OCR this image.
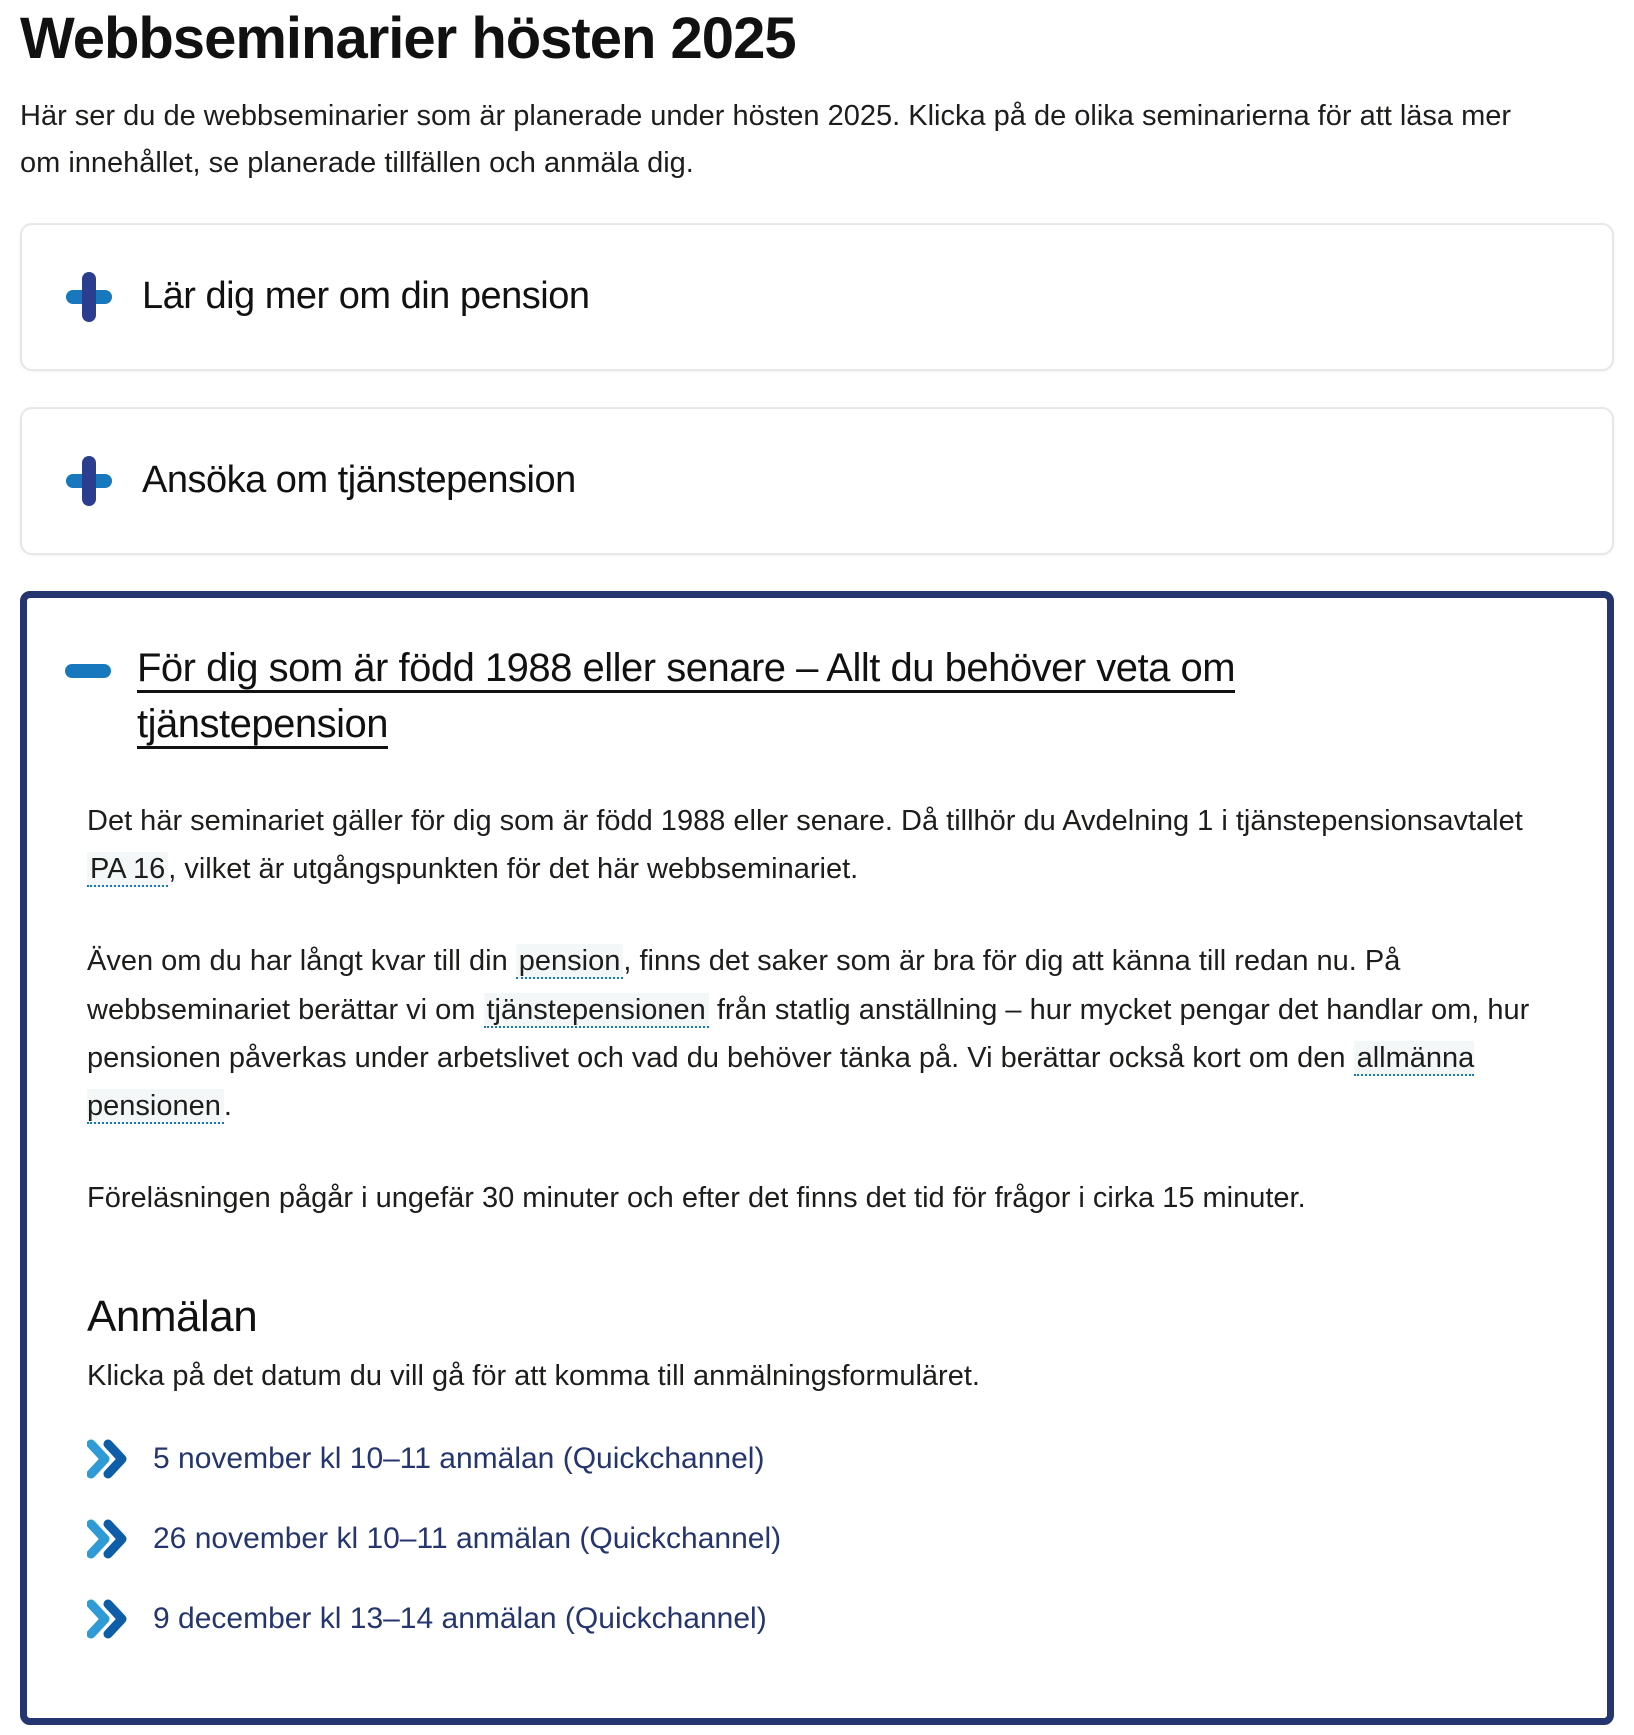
Webbseminarier hösten 2025

Här ser du de webbseminarier som är planerade under hösten 2025. Klicka på de olika seminarierna för att läsa mer om innehållet, se planerade tillfällen och anmäla dig.

Lär dig mer om din pension
Ansöka om tjänstepension
För dig som är född 1988 eller senare – Allt du behöver veta om tjänstepension

Det här seminariet gäller för dig som är född 1988 eller senare. Då tillhör du Avdelning 1 i tjänstepensionsavtalet PA 16 , vilket är utgångspunkten för det här webbseminariet.

Även om du har långt kvar till din pension , finns det saker som är bra för dig att känna till redan nu. På webbseminariet berättar vi om tjänstepensionen från statlig anställning – hur mycket pengar det handlar om, hur pensionen påverkas under arbetslivet och vad du behöver tänka på. Vi berättar också kort om den allmänna pensionen .

Föreläsningen pågår i ungefär 30 minuter och efter det finns det tid för frågor i cirka 15 minuter.

Anmälan

Klicka på det datum du vill gå för att komma till anmälningsformuläret.

5 november kl 10–11 anmälan (Quickchannel)
26 november kl 10–11 anmälan (Quickchannel)
9 december kl 13–14 anmälan (Quickchannel)
